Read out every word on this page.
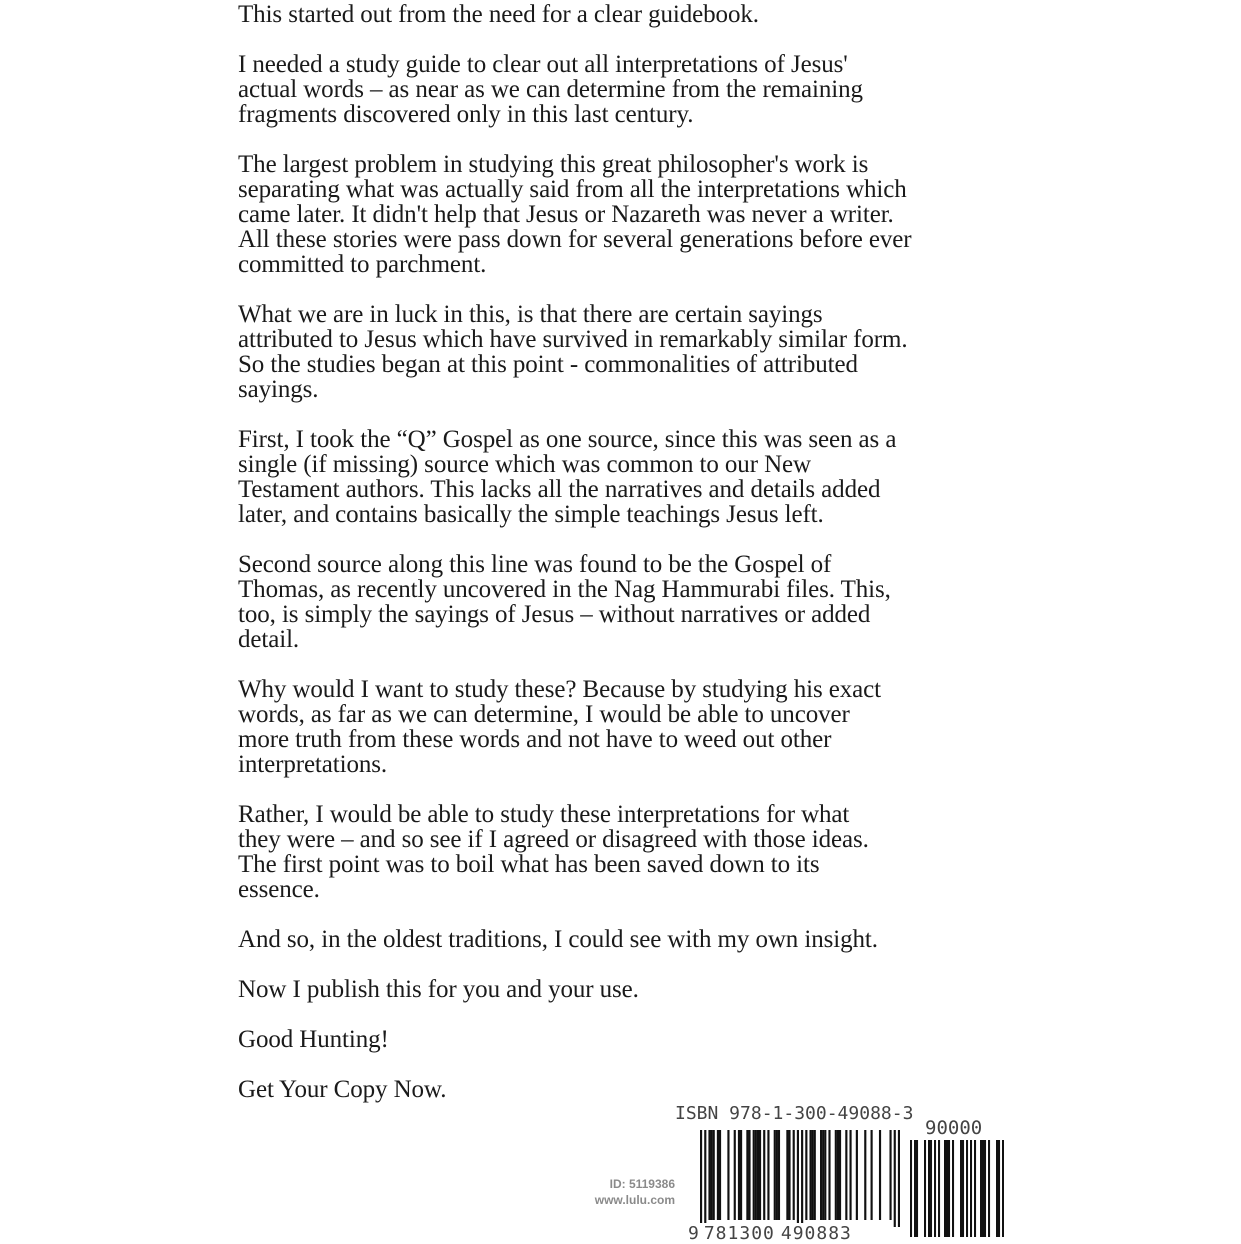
This started out from the need for a clear guidebook.
I needed a study guide to clear out all interpretations of Jesus'
actual words – as near as we can determine from the remaining
fragments discovered only in this last century.
The largest problem in studying this great philosopher's work is
separating what was actually said from all the interpretations which
came later. It didn't help that Jesus or Nazareth was never a writer.
All these stories were pass down for several generations before ever
committed to parchment.
What we are in luck in this, is that there are certain sayings
attributed to Jesus which have survived in remarkably similar form.
So the studies began at this point - commonalities of attributed
sayings.
First, I took the “Q” Gospel as one source, since this was seen as a
single (if missing) source which was common to our New
Testament authors. This lacks all the narratives and details added
later, and contains basically the simple teachings Jesus left.
Second source along this line was found to be the Gospel of
Thomas, as recently uncovered in the Nag Hammurabi files. This,
too, is simply the sayings of Jesus – without narratives or added
detail.
Why would I want to study these? Because by studying his exact
words, as far as we can determine, I would be able to uncover
more truth from these words and not have to weed out other
interpretations.
Rather, I would be able to study these interpretations for what
they were – and so see if I agreed or disagreed with those ideas.
The first point was to boil what has been saved down to its
essence.
And so, in the oldest traditions, I could see with my own insight.
Now I publish this for you and your use.
Good Hunting!
Get Your Copy Now.
ID: 5119386
www.lulu.com
ISBN 978-1-300-49088-3
90000
9 781300 490883
